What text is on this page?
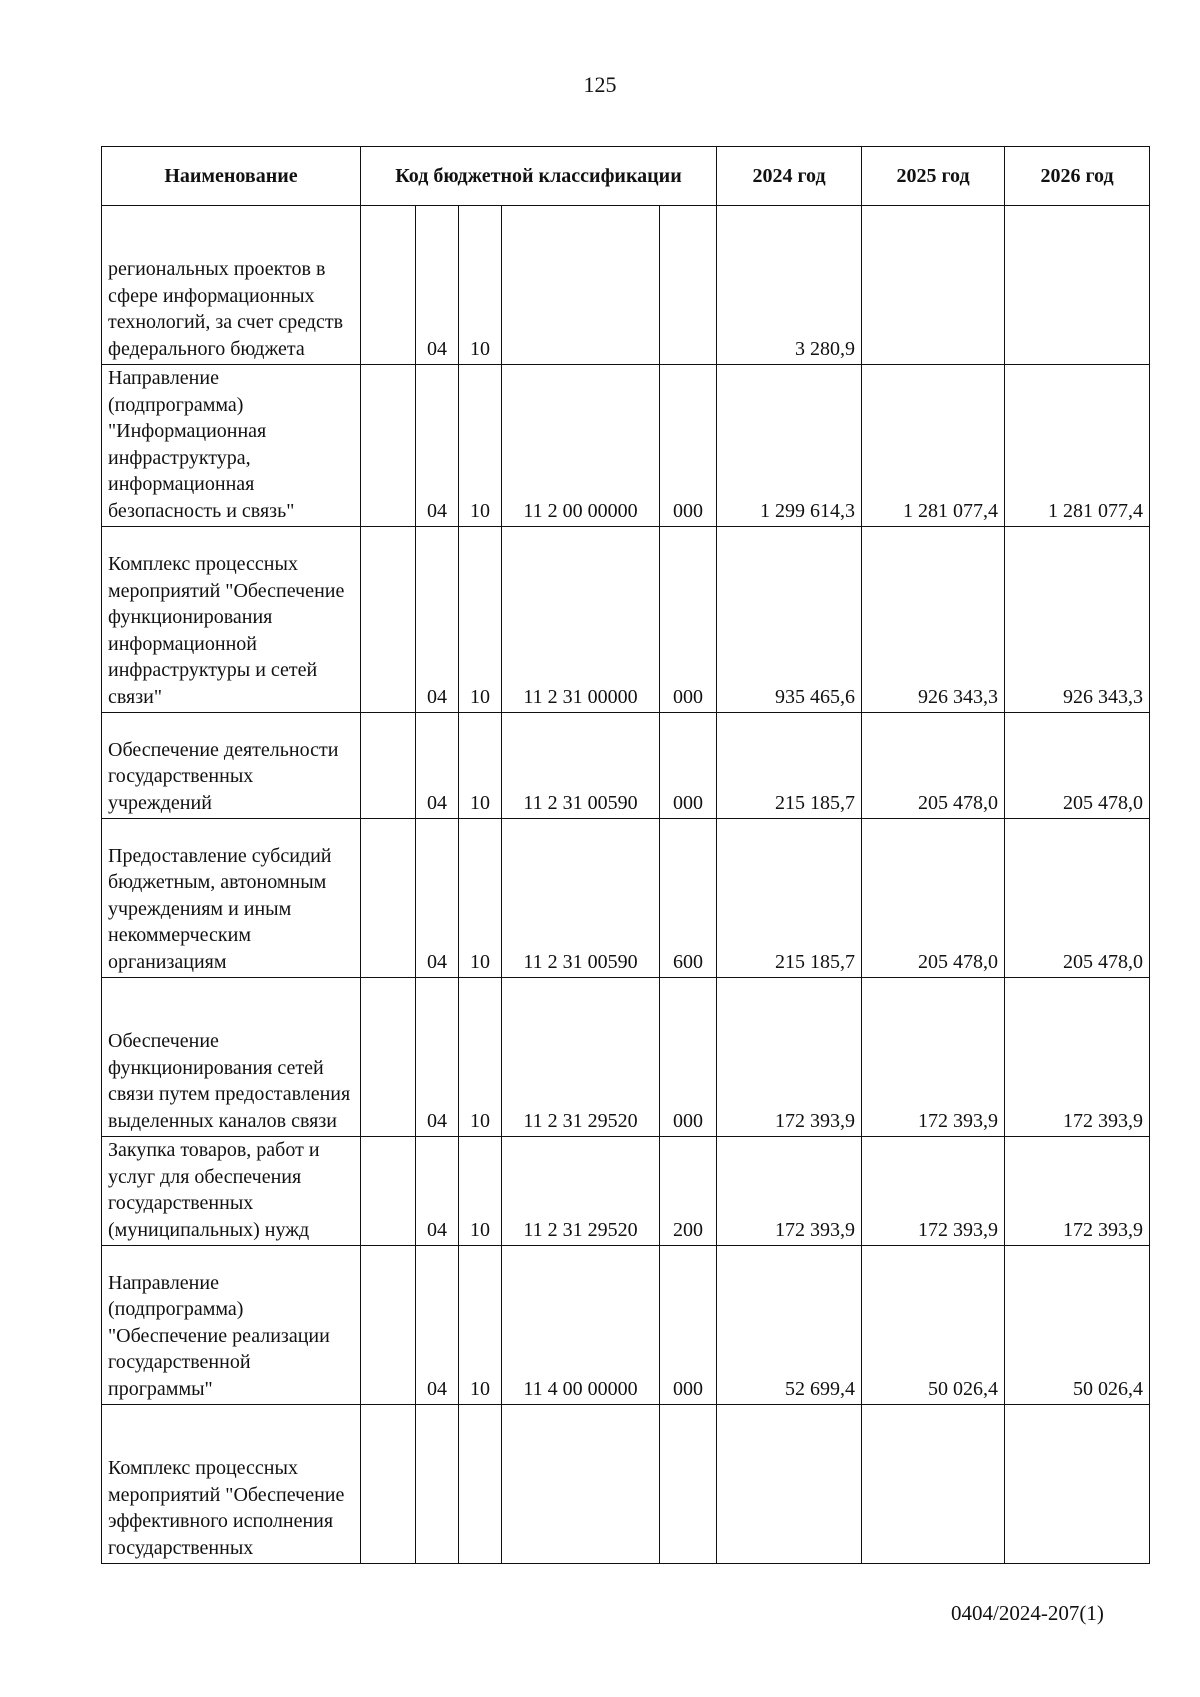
125
Наименование	Код бюджетной классификации					2024 год	2025 год	2026 год
региональных проектов в сфере информационных технологий, за счет средств федерального бюджета		04	10			3 280,9		
Направление (подпрограмма) "Информационная инфраструктура, информационная безопасность и связь"		04	10	11 2 00 00000	000	1 299 614,3	1 281 077,4	1 281 077,4
Комплекс процессных мероприятий "Обеспечение функционирования информационной инфраструктуры и сетей связи"		04	10	11 2 31 00000	000	935 465,6	926 343,3	926 343,3
Обеспечение деятельности государственных учреждений		04	10	11 2 31 00590	000	215 185,7	205 478,0	205 478,0
Предоставление субсидий бюджетным, автономным учреждениям и иным некоммерческим организациям		04	10	11 2 31 00590	600	215 185,7	205 478,0	205 478,0
Обеспечение функционирования сетей связи путем предоставления выделенных каналов связи		04	10	11 2 31 29520	000	172 393,9	172 393,9	172 393,9
Закупка товаров, работ и услуг для обеспечения государственных (муниципальных) нужд		04	10	11 2 31 29520	200	172 393,9	172 393,9	172 393,9
Направление (подпрограмма) "Обеспечение реализации государственной программы"		04	10	11 4 00 00000	000	52 699,4	50 026,4	50 026,4
Комплекс процессных мероприятий "Обеспечение эффективного исполнения государственных								
0404/2024-207(1)
